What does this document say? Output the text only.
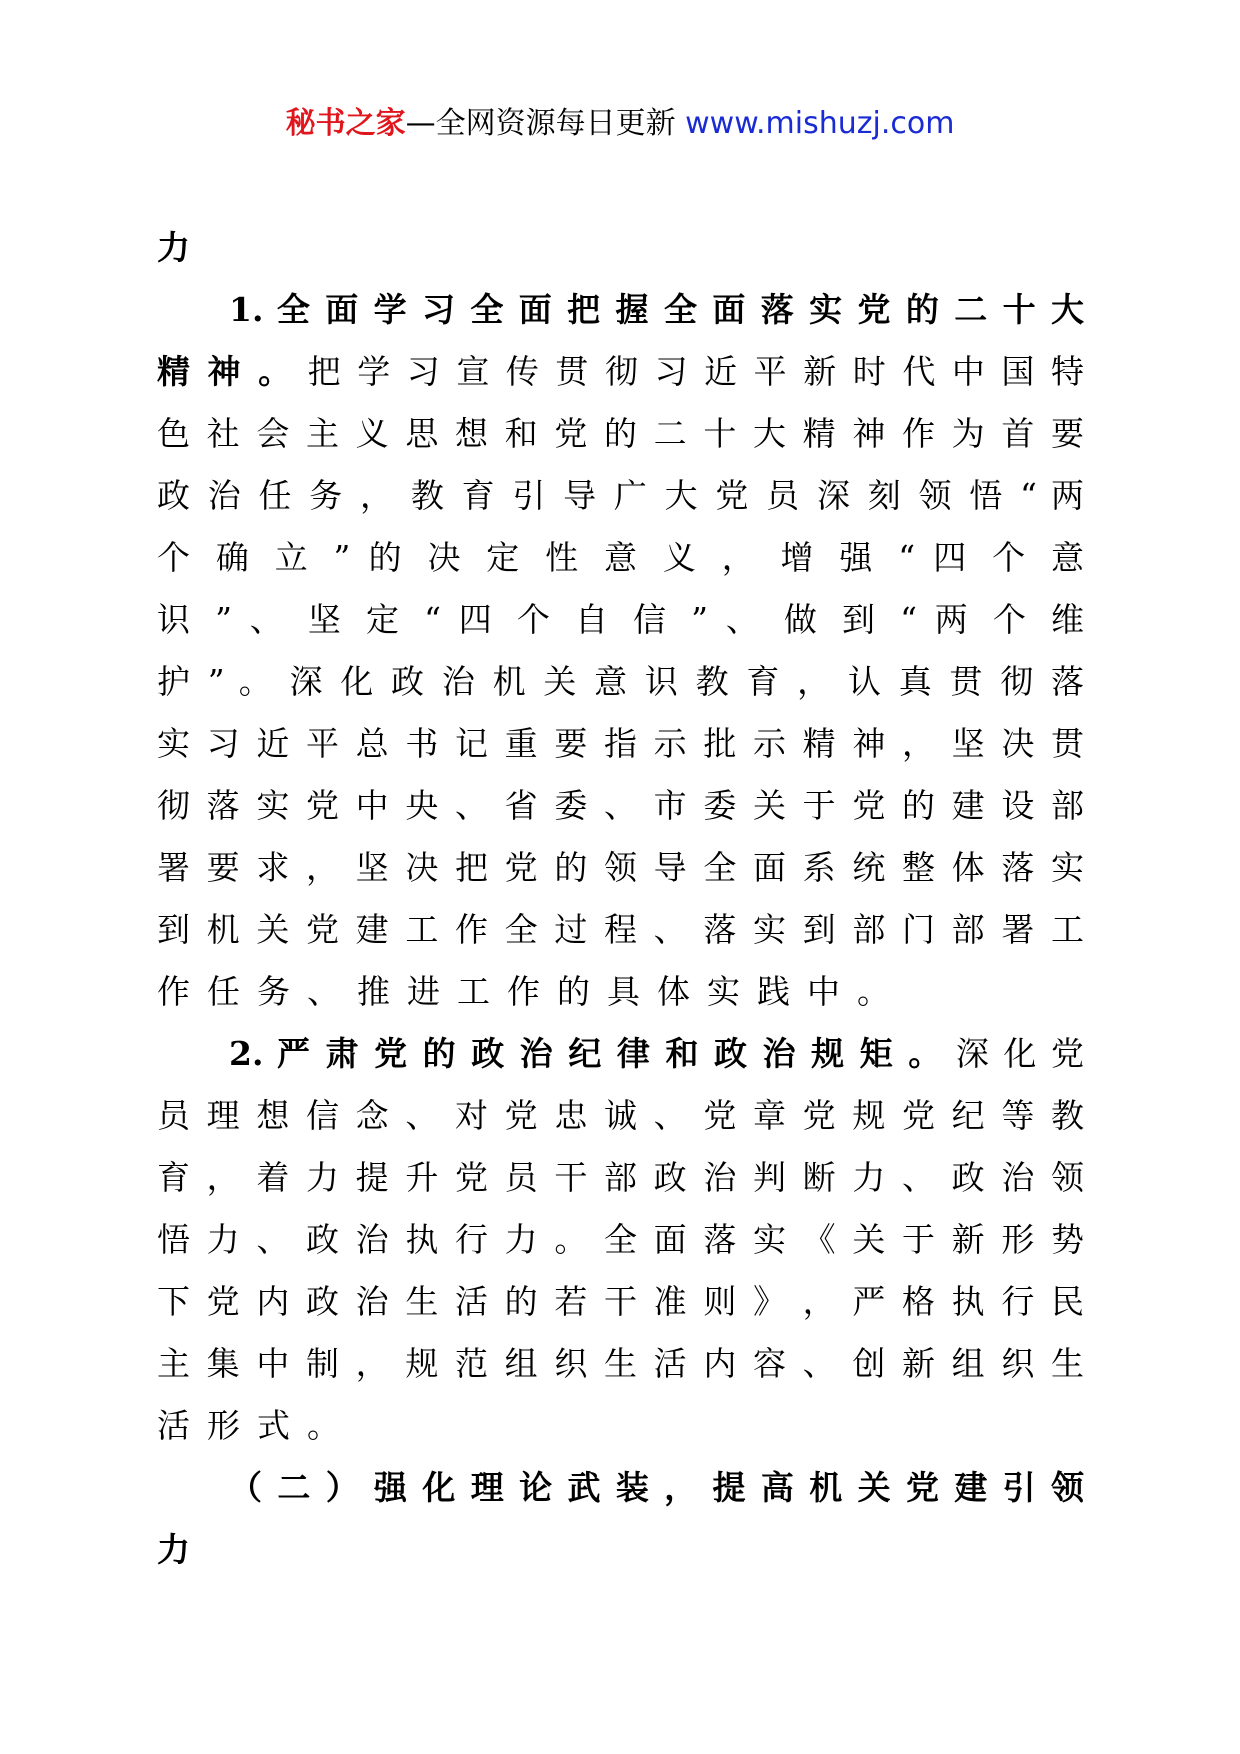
秘书之家—全网资源每日更新 www.mishuzj.com
力
1. 全 面 学 习 全 面 把 握 全 面 落 实 党 的 二 十 大
精 神 。 把 学 习 宣 传 贯 彻 习 近 平 新 时 代 中 国 特
色 社 会 主 义 思 想 和 党 的 二 十 大 精 神 作 为 首 要
政 治 任 务 ， 教 育 引 导 广 大 党 员 深 刻 领 悟 “ 两
个 确 立 ” 的 决 定 性 意 义 ， 增 强 “ 四 个 意
识 ” 、 坚 定 “ 四 个 自 信 ” 、 做 到 “ 两 个 维
护 ” 。 深 化 政 治 机 关 意 识 教 育 ， 认 真 贯 彻 落
实 习 近 平 总 书 记 重 要 指 示 批 示 精 神 ， 坚 决 贯
彻 落 实 党 中 央 、 省 委 、 市 委 关 于 党 的 建 设 部
署 要 求 ， 坚 决 把 党 的 领 导 全 面 系 统 整 体 落 实
到 机 关 党 建 工 作 全 过 程 、 落 实 到 部 门 部 署 工
作任务、推进工作的具体实践中。
2. 严 肃 党 的 政 治 纪 律 和 政 治 规 矩 。 深 化 党
员 理 想 信 念 、 对 党 忠 诚 、 党 章 党 规 党 纪 等 教
育 ， 着 力 提 升 党 员 干 部 政 治 判 断 力 、 政 治 领
悟 力 、 政 治 执 行 力 。 全 面 落 实 《 关 于 新 形 势
下 党 内 政 治 生 活 的 若 干 准 则 》 ， 严 格 执 行 民
主 集 中 制 ， 规 范 组 织 生 活 内 容 、 创 新 组 织 生
活形式。
（ 二 ） 强 化 理 论 武 装 ， 提 高 机 关 党 建 引 领
力
